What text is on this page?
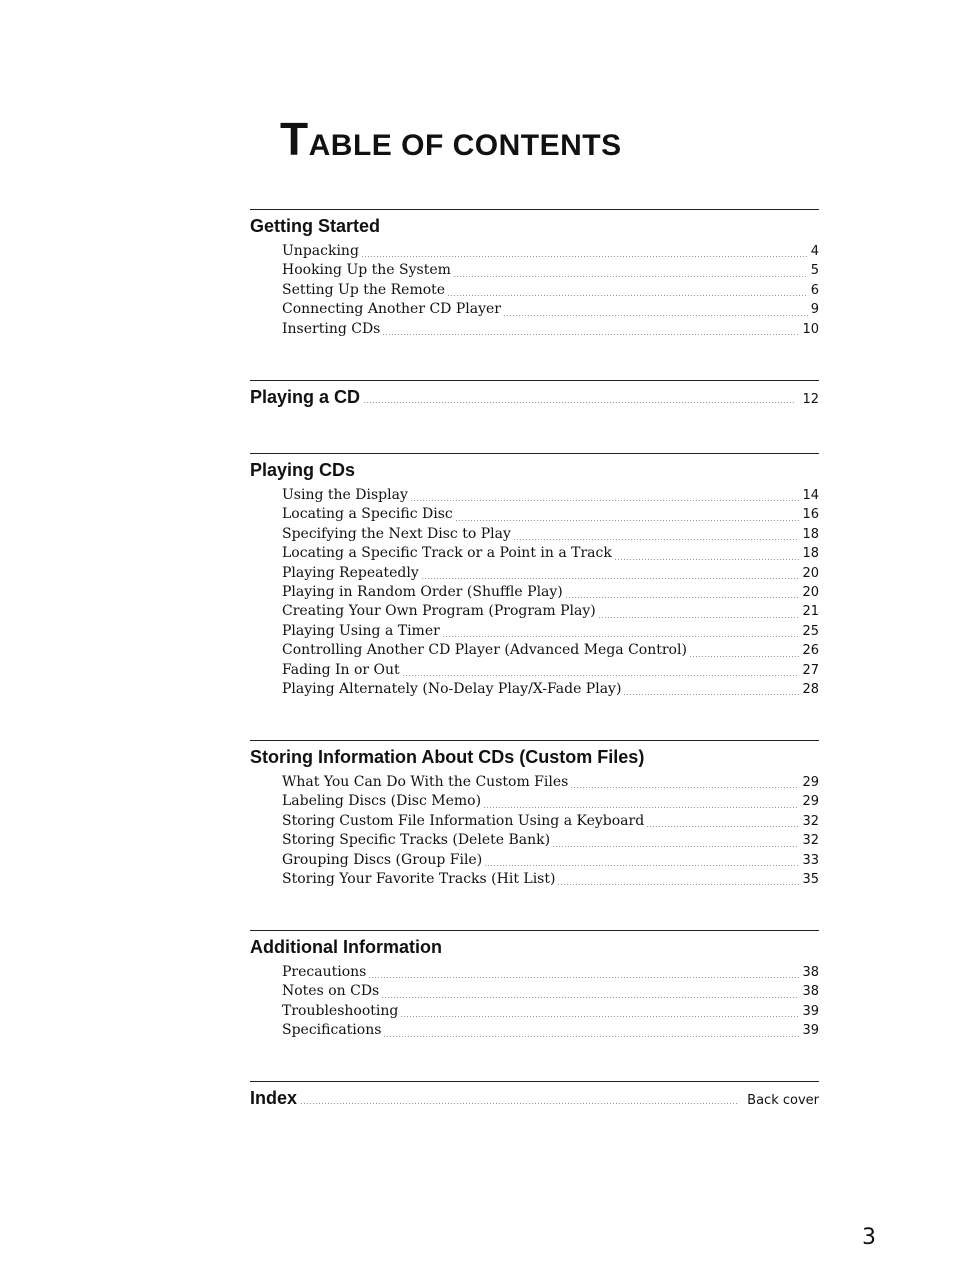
TABLE OF CONTENTS
Getting Started
Unpacking	4
Hooking Up the System	5
Setting Up the Remote	6
Connecting Another CD Player	9
Inserting CDs	10
Playing a CD	12
Playing CDs
Using the Display	14
Locating a Specific Disc	16
Specifying the Next Disc to Play	18
Locating a Specific Track or a Point in a Track	18
Playing Repeatedly	20
Playing in Random Order (Shuffle Play)	20
Creating Your Own Program (Program Play)	21
Playing Using a Timer	25
Controlling Another CD Player (Advanced Mega Control)	26
Fading In or Out	27
Playing Alternately (No-Delay Play/X-Fade Play)	28
Storing Information About CDs (Custom Files)
What You Can Do With the Custom Files	29
Labeling Discs (Disc Memo)	29
Storing Custom File Information Using a Keyboard	32
Storing Specific Tracks (Delete Bank)	32
Grouping Discs (Group File)	33
Storing Your Favorite Tracks (Hit List)	35
Additional Information
Precautions	38
Notes on CDs	38
Troubleshooting	39
Specifications	39
Index	Back cover
3
